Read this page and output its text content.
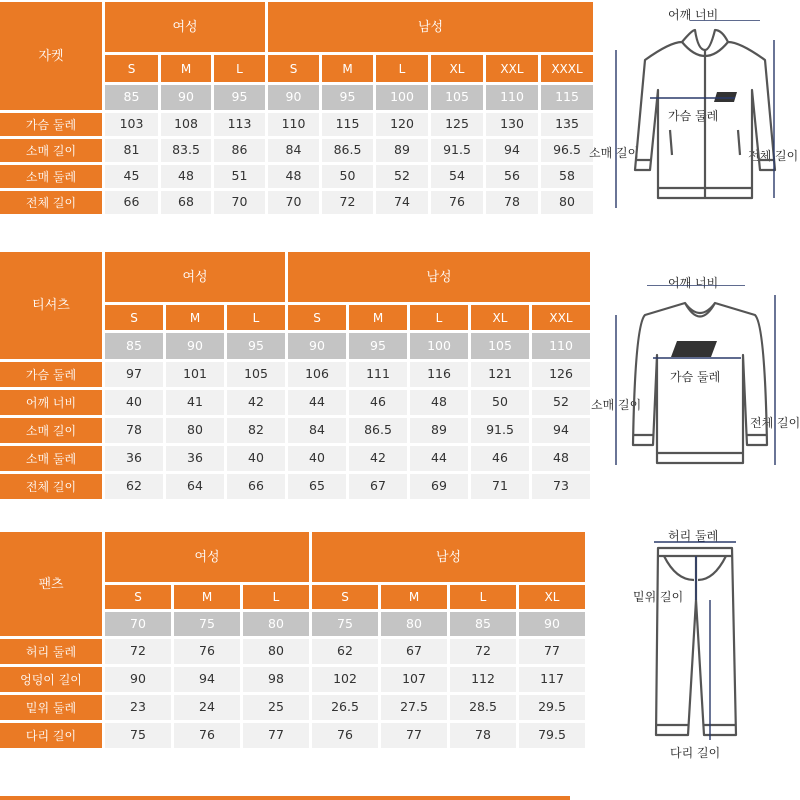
자켓
여성	남성
S	M	L	S	M	L	XL	XXL	XXXL
85	90	95	90	95	100	105	110	115
가슴 둘레	103	108	113	110	115	120	125	130	135
소매 길이	81	83.5	86	84	86.5	89	91.5	94	96.5
소매 둘레	45	48	51	48	50	52	54	56	58
전체 길이	66	68	70	70	72	74	76	78	80
티셔츠
여성	남성
S	M	L	S	M	L	XL	XXL
85	90	95	90	95	100	105	110
가슴 둘레	97	101	105	106	111	116	121	126
어깨 너비	40	41	42	44	46	48	50	52
소매 길이	78	80	82	84	86.5	89	91.5	94
소매 둘레	36	36	40	40	42	44	46	48
전체 길이	62	64	66	65	67	69	71	73
팬츠
여성	남성
S	M	L	S	M	L	XL
70	75	80	75	80	85	90
허리 둘레	72	76	80	62	67	72	77
엉덩이 길이	90	94	98	102	107	112	117
밑위 둘레	23	24	25	26.5	27.5	28.5	29.5
다리 길이	75	76	77	76	77	78	79.5
어깨 너비
가슴 둘레
소매 길이	전체 길이
어깨 너비
가슴 둘레
소매 길이
전체 길이
허리 둘레
밑위 길이
다리 길이
